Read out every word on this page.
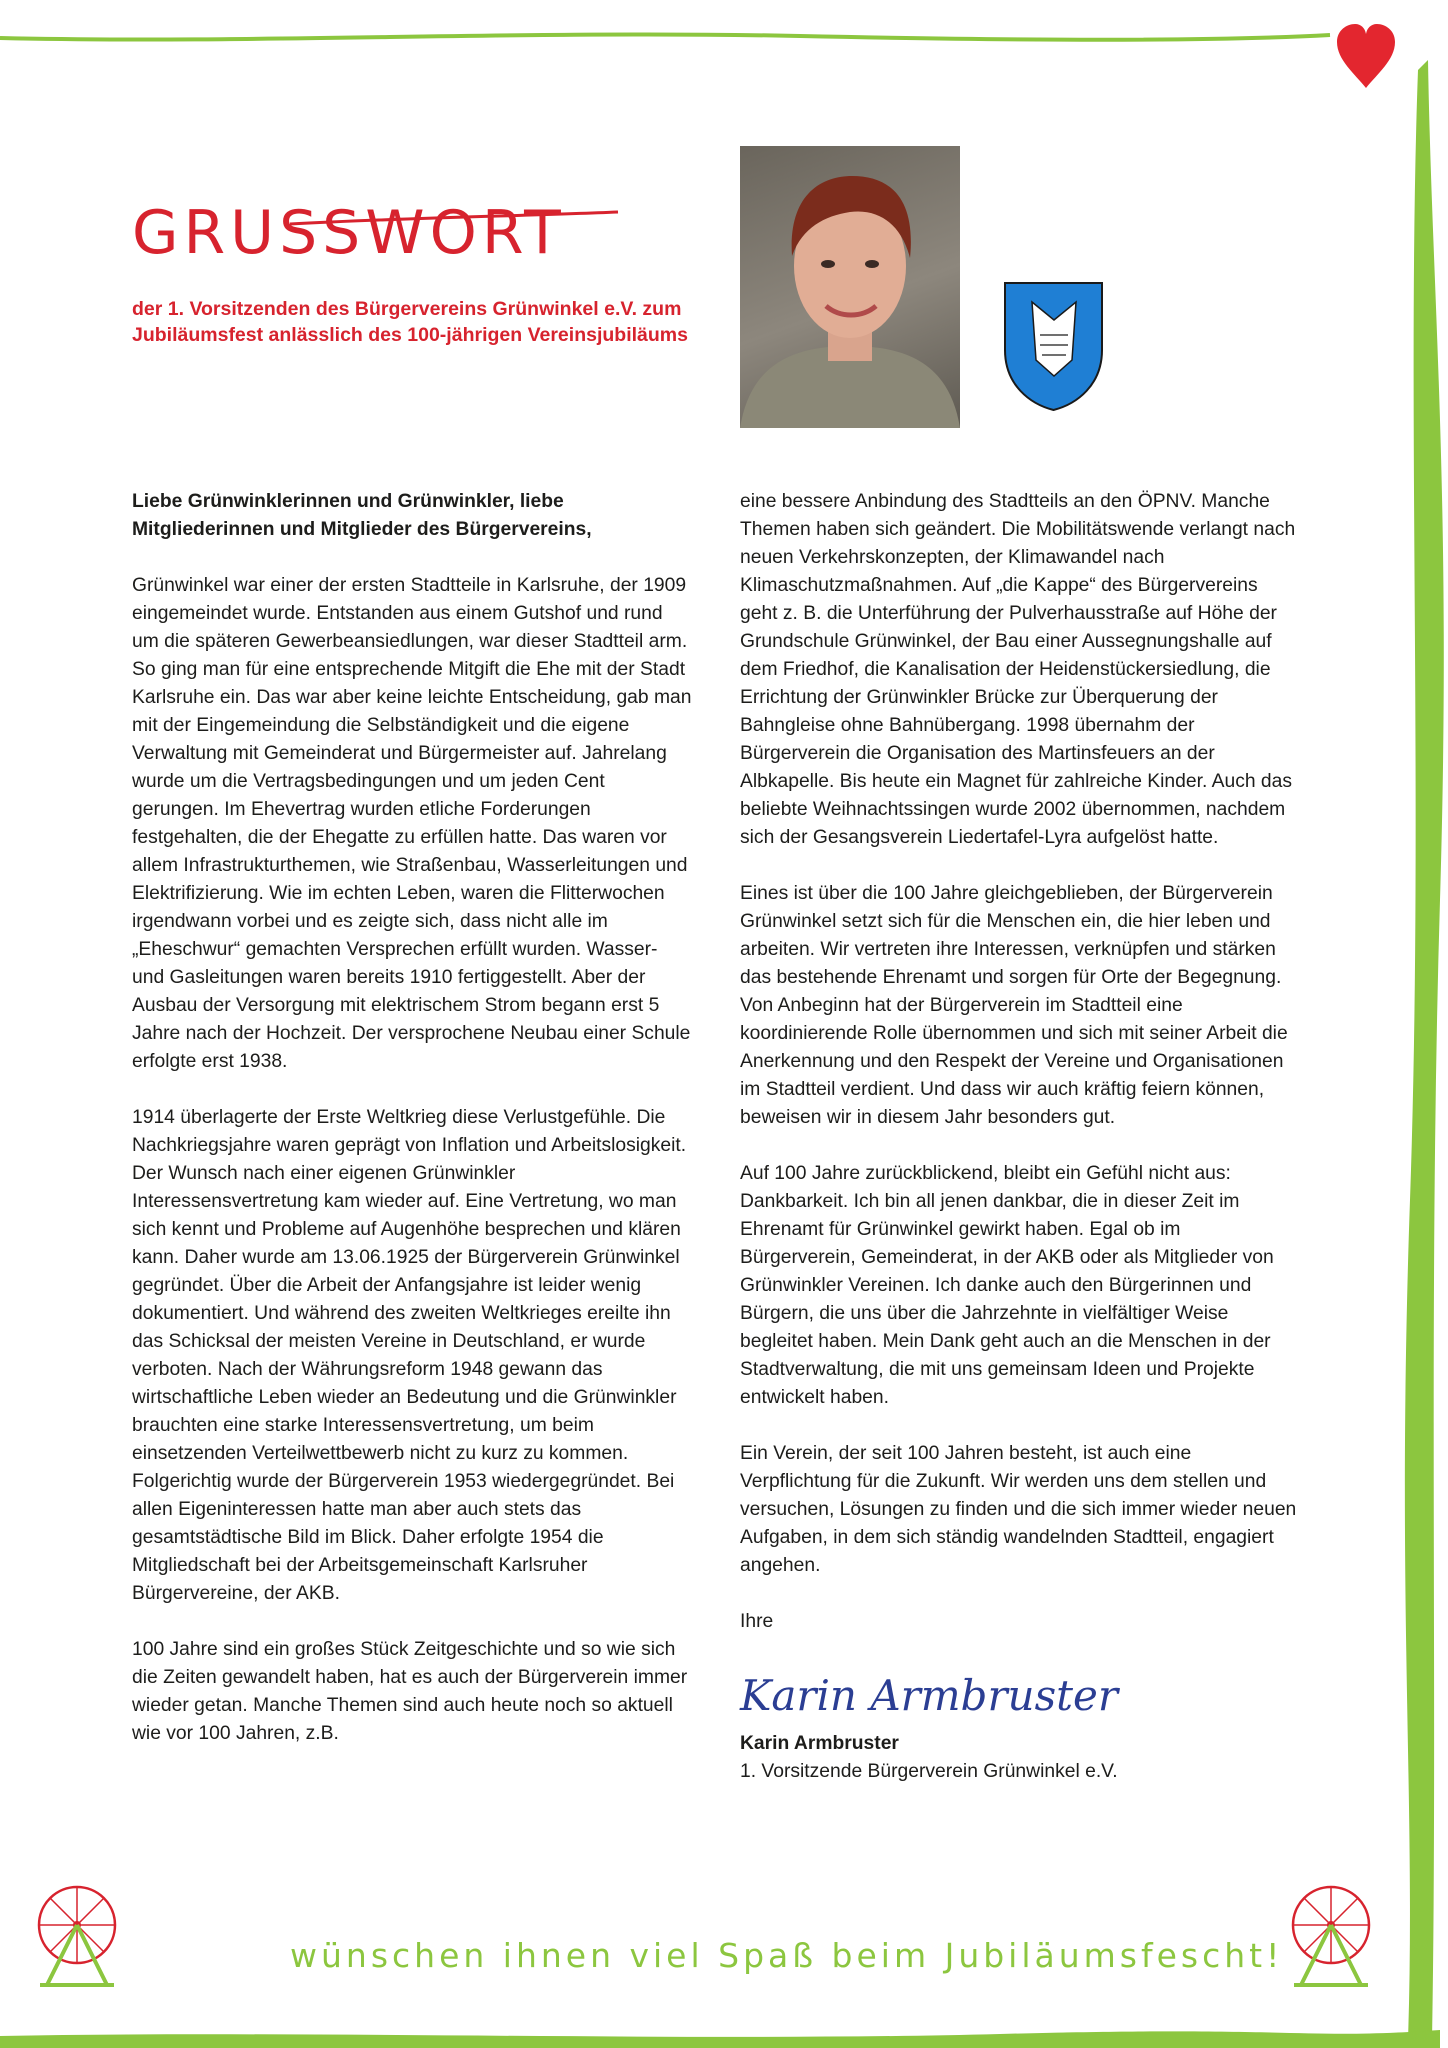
GRUSSWORT

der 1. Vorsitzenden des Bürgervereins Grünwinkel e.V. zum Jubiläumsfest anlässlich des 100-jährigen Vereinsjubiläums

Liebe Grünwinklerinnen und Grünwinkler, liebe Mitgliederinnen und Mitglieder des Bürgervereins,

Grünwinkel war einer der ersten Stadtteile in Karlsruhe, der 1909 eingemeindet wurde. Entstanden aus einem Gutshof und rund um die späteren Gewerbeansiedlungen, war dieser Stadtteil arm. So ging man für eine entsprechende Mitgift die Ehe mit der Stadt Karlsruhe ein. Das war aber keine leichte Entscheidung, gab man mit der Eingemeindung die Selbständigkeit und die eigene Verwaltung mit Gemeinderat und Bürgermeister auf. Jahrelang wurde um die Vertragsbedingungen und um jeden Cent gerungen. Im Ehevertrag wurden etliche Forderungen festgehalten, die der Ehegatte zu erfüllen hatte. Das waren vor allem Infrastrukturthemen, wie Straßenbau, Wasserleitungen und Elektrifizierung. Wie im echten Leben, waren die Flitterwochen irgendwann vorbei und es zeigte sich, dass nicht alle im „Eheschwur“ gemachten Versprechen erfüllt wurden. Wasser- und Gasleitungen waren bereits 1910 fertiggestellt. Aber der Ausbau der Versorgung mit elektrischem Strom begann erst 5 Jahre nach der Hochzeit. Der versprochene Neubau einer Schule erfolgte erst 1938.

1914 überlagerte der Erste Weltkrieg diese Verlustgefühle. Die Nachkriegsjahre waren geprägt von Inflation und Arbeitslosigkeit. Der Wunsch nach einer eigenen Grünwinkler Interessensvertretung kam wieder auf. Eine Vertretung, wo man sich kennt und Probleme auf Augenhöhe besprechen und klären kann. Daher wurde am 13.06.1925 der Bürgerverein Grünwinkel gegründet. Über die Arbeit der Anfangsjahre ist leider wenig dokumentiert. Und während des zweiten Weltkrieges ereilte ihn das Schicksal der meisten Vereine in Deutschland, er wurde verboten. Nach der Währungsreform 1948 gewann das wirtschaftliche Leben wieder an Bedeutung und die Grünwinkler brauchten eine starke Interessensvertretung, um beim einsetzenden Verteilwettbewerb nicht zu kurz zu kommen. Folgerichtig wurde der Bürgerverein 1953 wiedergegründet. Bei allen Eigeninteressen hatte man aber auch stets das gesamtstädtische Bild im Blick. Daher erfolgte 1954 die Mitgliedschaft bei der Arbeitsgemeinschaft Karlsruher Bürgervereine, der AKB.

100 Jahre sind ein großes Stück Zeitgeschichte und so wie sich die Zeiten gewandelt haben, hat es auch der Bürgerverein immer wieder getan. Manche Themen sind auch heute noch so aktuell wie vor 100 Jahren, z.B.

eine bessere Anbindung des Stadtteils an den ÖPNV. Manche Themen haben sich geändert. Die Mobilitätswende verlangt nach neuen Verkehrskonzepten, der Klimawandel nach Klimaschutzmaßnahmen. Auf „die Kappe“ des Bürgervereins geht z. B. die Unterführung der Pulverhausstraße auf Höhe der Grundschule Grünwinkel, der Bau einer Aussegnungshalle auf dem Friedhof, die Kanalisation der Heidenstückersiedlung, die Errichtung der Grünwinkler Brücke zur Überquerung der Bahngleise ohne Bahnübergang. 1998 übernahm der Bürgerverein die Organisation des Martinsfeuers an der Albkapelle. Bis heute ein Magnet für zahlreiche Kinder. Auch das beliebte Weihnachtssingen wurde 2002 übernommen, nachdem sich der Gesangsverein Liedertafel-Lyra aufgelöst hatte.

Eines ist über die 100 Jahre gleichgeblieben, der Bürgerverein Grünwinkel setzt sich für die Menschen ein, die hier leben und arbeiten. Wir vertreten ihre Interessen, verknüpfen und stärken das bestehende Ehrenamt und sorgen für Orte der Begegnung. Von Anbeginn hat der Bürgerverein im Stadtteil eine koordinierende Rolle übernommen und sich mit seiner Arbeit die Anerkennung und den Respekt der Vereine und Organisationen im Stadtteil verdient. Und dass wir auch kräftig feiern können, beweisen wir in diesem Jahr besonders gut.

Auf 100 Jahre zurückblickend, bleibt ein Gefühl nicht aus: Dankbarkeit. Ich bin all jenen dankbar, die in dieser Zeit im Ehrenamt für Grünwinkel gewirkt haben. Egal ob im Bürgerverein, Gemeinderat, in der AKB oder als Mitglieder von Grünwinkler Vereinen. Ich danke auch den Bürgerinnen und Bürgern, die uns über die Jahrzehnte in vielfältiger Weise begleitet haben. Mein Dank geht auch an die Menschen in der Stadtverwaltung, die mit uns gemeinsam Ideen und Projekte entwickelt haben.

Ein Verein, der seit 100 Jahren besteht, ist auch eine Verpflichtung für die Zukunft. Wir werden uns dem stellen und versuchen, Lösungen zu finden und die sich immer wieder neuen Aufgaben, in dem sich ständig wandelnden Stadtteil, engagiert angehen.

Ihre

Karin Armbruster

Karin Armbruster

1. Vorsitzende Bürgerverein Grünwinkel e.V.

wünschen ihnen viel Spaß beim Jubiläumsfescht!
